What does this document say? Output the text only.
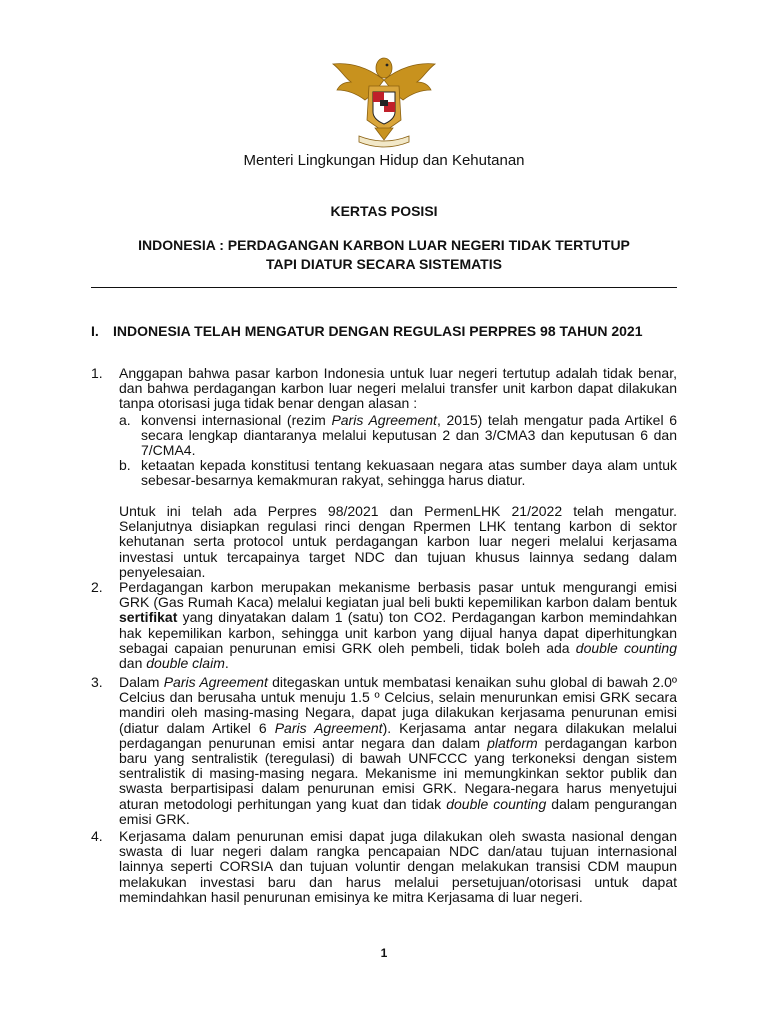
Menteri Lingkungan Hidup dan Kehutanan
KERTAS POSISI
INDONESIA : PERDAGANGAN KARBON LUAR NEGERI TIDAK TERTUTUP
TAPI DIATUR SECARA SISTEMATIS
I. INDONESIA TELAH MENGATUR DENGAN REGULASI PERPRES 98 TAHUN 2021
1. Anggapan bahwa pasar karbon Indonesia untuk luar negeri tertutup adalah tidak benar, dan bahwa perdagangan karbon luar negeri melalui transfer unit karbon dapat dilakukan tanpa otorisasi juga tidak benar dengan alasan :
a. konvensi internasional (rezim Paris Agreement, 2015) telah mengatur pada Artikel 6 secara lengkap diantaranya melalui keputusan 2 dan 3/CMA3 dan keputusan 6 dan 7/CMA4.
b. ketaatan kepada konstitusi tentang kekuasaan negara atas sumber daya alam untuk sebesar-besarnya kemakmuran rakyat, sehingga harus diatur.
Untuk ini telah ada Perpres 98/2021 dan PermenLHK 21/2022 telah mengatur. Selanjutnya disiapkan regulasi rinci dengan Rpermen LHK tentang karbon di sektor kehutanan serta protocol untuk perdagangan karbon luar negeri melalui kerjasama investasi untuk tercapainya target NDC dan tujuan khusus lainnya sedang dalam penyelesaian.
2. Perdagangan karbon merupakan mekanisme berbasis pasar untuk mengurangi emisi GRK (Gas Rumah Kaca) melalui kegiatan jual beli bukti kepemilikan karbon dalam bentuk sertifikat yang dinyatakan dalam 1 (satu) ton CO2. Perdagangan karbon memindahkan hak kepemilikan karbon, sehingga unit karbon yang dijual hanya dapat diperhitungkan sebagai capaian penurunan emisi GRK oleh pembeli, tidak boleh ada double counting dan double claim.
3. Dalam Paris Agreement ditegaskan untuk membatasi kenaikan suhu global di bawah 2.0º Celcius dan berusaha untuk menuju 1.5 º Celcius, selain menurunkan emisi GRK secara mandiri oleh masing-masing Negara, dapat juga dilakukan kerjasama penurunan emisi (diatur dalam Artikel 6 Paris Agreement). Kerjasama antar negara dilakukan melalui perdagangan penurunan emisi antar negara dan dalam platform perdagangan karbon baru yang sentralistik (teregulasi) di bawah UNFCCC yang terkoneksi dengan sistem sentralistik di masing-masing negara. Mekanisme ini memungkinkan sektor publik dan swasta berpartisipasi dalam penurunan emisi GRK. Negara-negara harus menyetujui aturan metodologi perhitungan yang kuat dan tidak double counting dalam pengurangan emisi GRK.
4. Kerjasama dalam penurunan emisi dapat juga dilakukan oleh swasta nasional dengan swasta di luar negeri dalam rangka pencapaian NDC dan/atau tujuan internasional lainnya seperti CORSIA dan tujuan voluntir dengan melakukan transisi CDM maupun melakukan investasi baru dan harus melalui persetujuan/otorisasi untuk dapat memindahkan hasil penurunan emisinya ke mitra Kerjasama di luar negeri.
1
